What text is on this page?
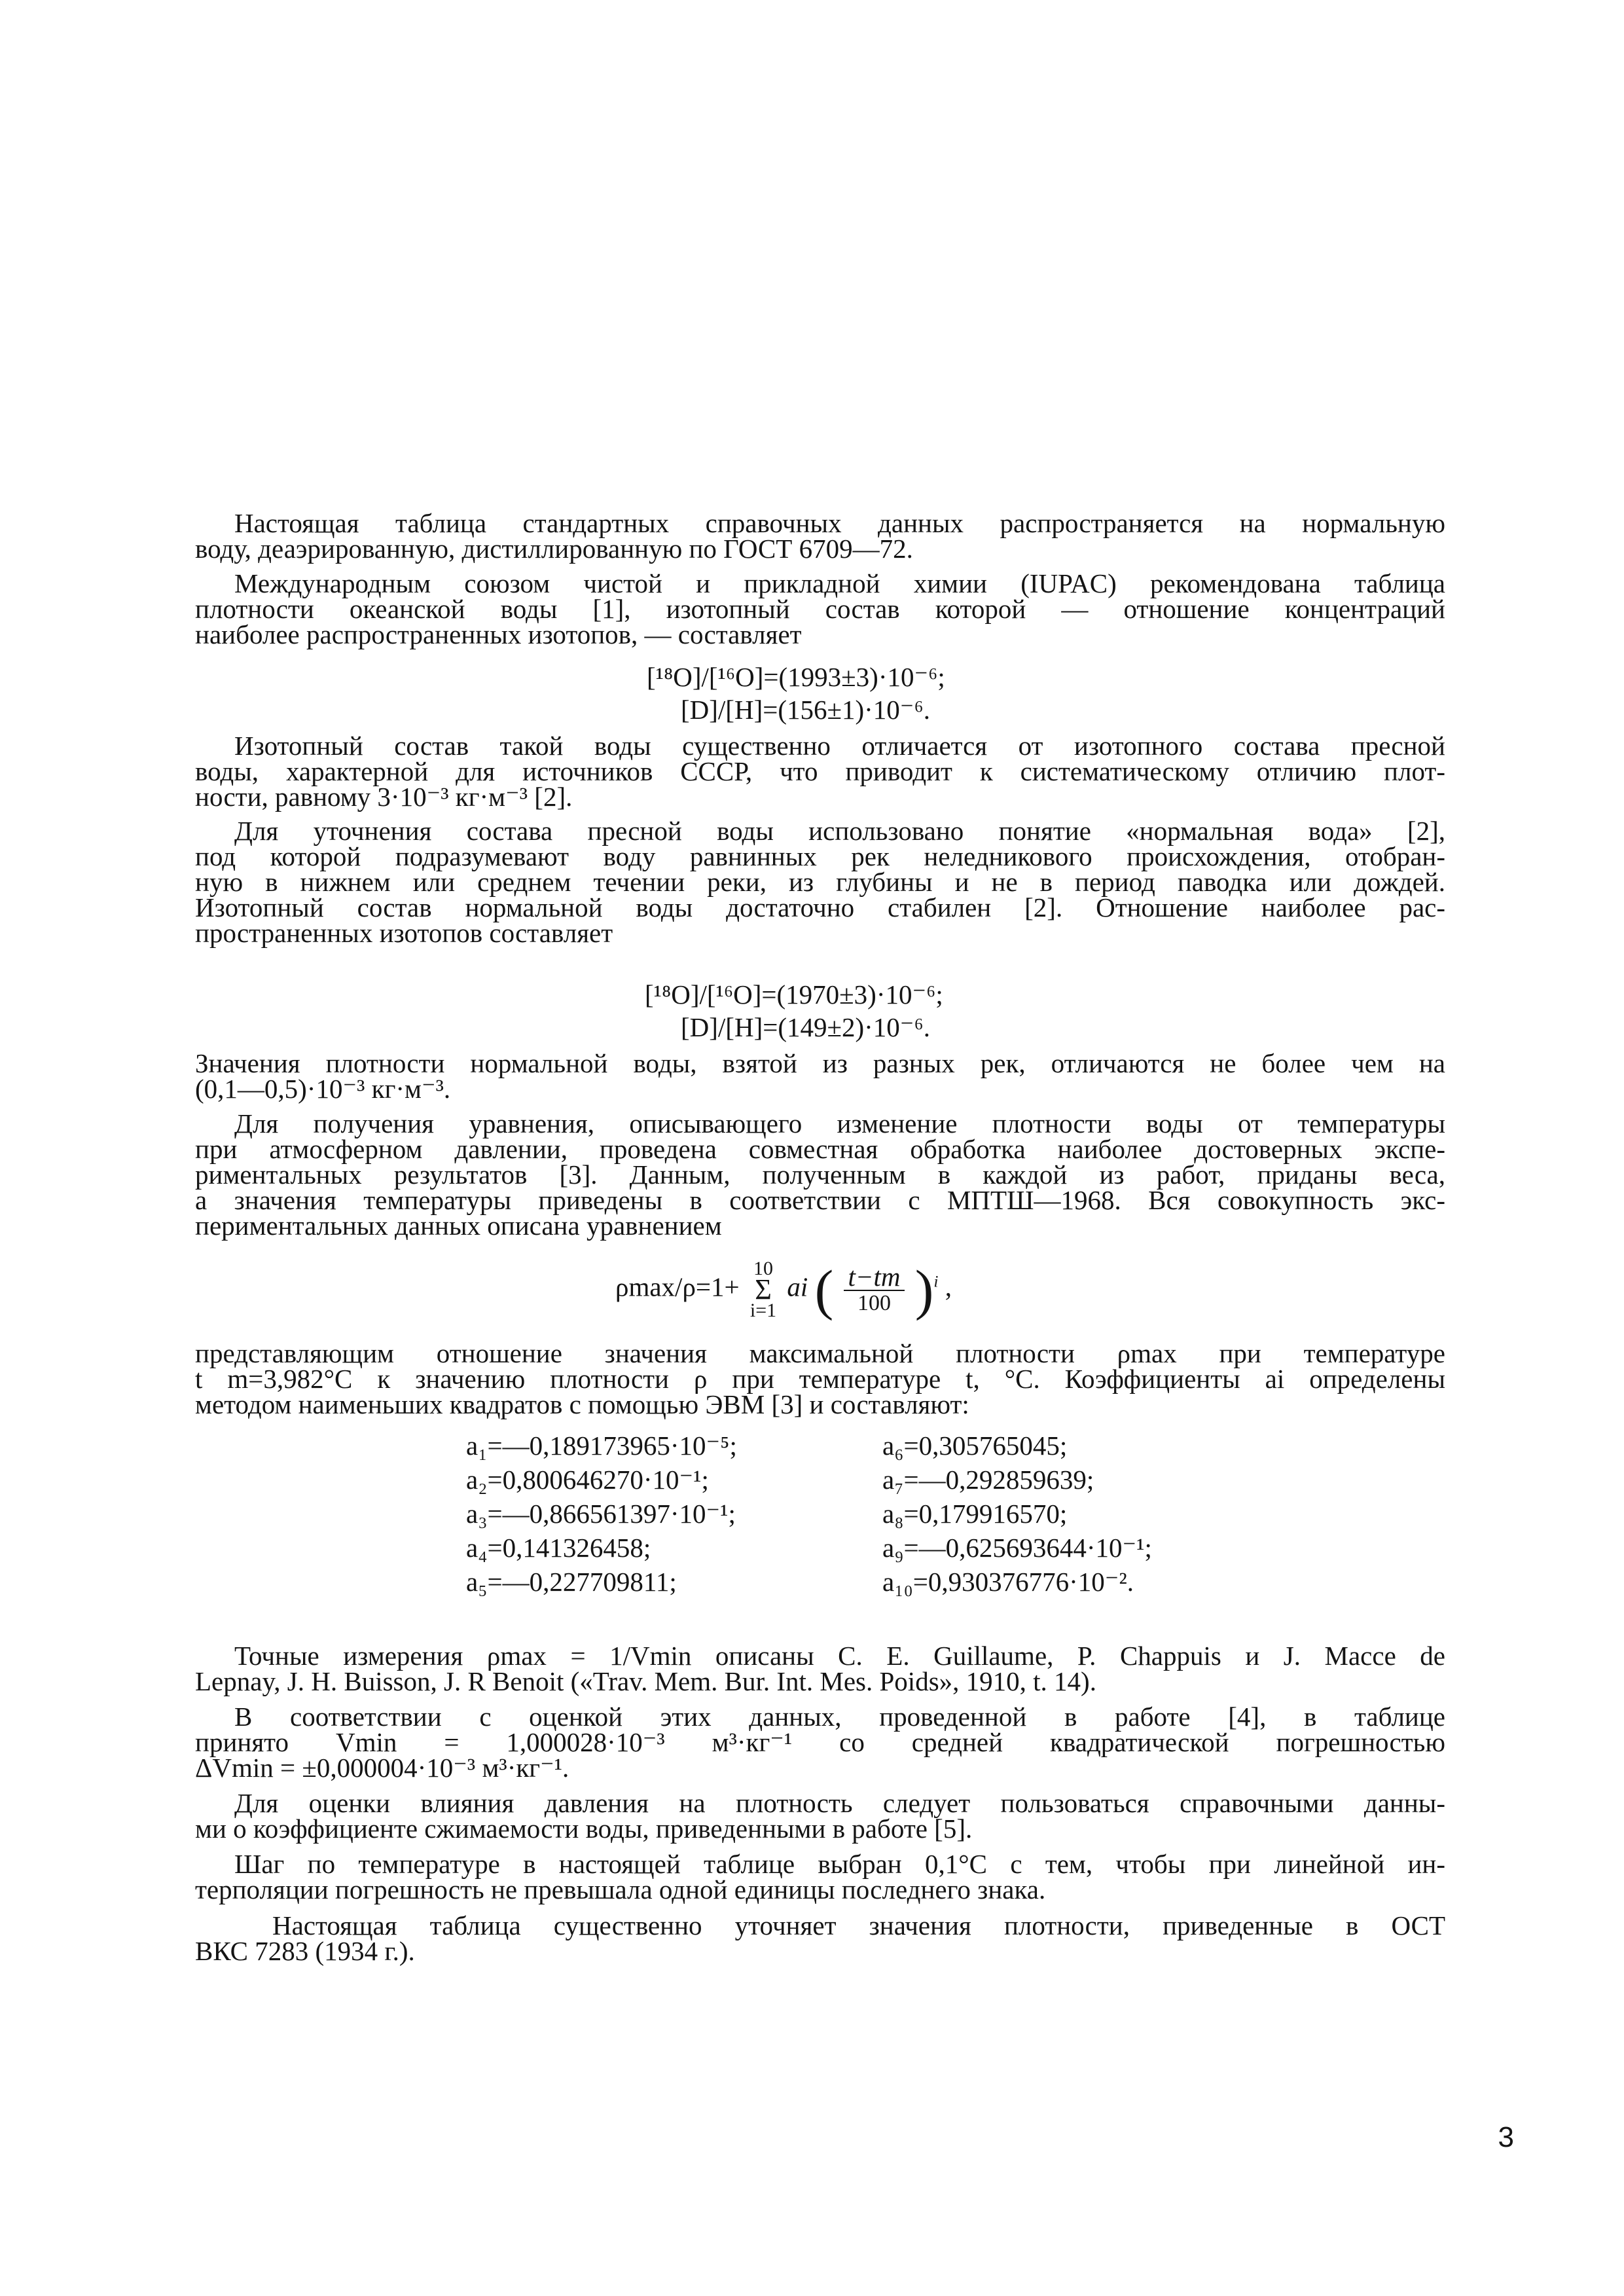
Настоящая таблица стандартных справочных данных распространяется на нормальную
воду, деаэрированную, дистиллированную по ГОСТ 6709—72.
Международным союзом чистой и прикладной химии (IUPAC) рекомендована таблица
плотности океанской воды [1], изотопный состав которой — отношение концентраций
наиболее распространенных изотопов, — составляет
[¹⁸O]/[¹⁶O]=(1993±3)·10⁻⁶;
[D]/[H]=(156±1)·10⁻⁶.
Изотопный состав такой воды существенно отличается от изотопного состава пресной
воды, характерной для источников СССР, что приводит к систематическому отличию плот-
ности, равному 3·10⁻³ кг·м⁻³ [2].
Для уточнения состава пресной воды использовано понятие «нормальная вода» [2],
под которой подразумевают воду равнинных рек неледникового происхождения, отобран-
ную в нижнем или среднем течении реки, из глубины и не в период паводка или дождей.
Изотопный состав нормальной воды достаточно стабилен [2]. Отношение наиболее рас-
пространенных изотопов составляет
[¹⁸O]/[¹⁶O]=(1970±3)·10⁻⁶;
[D]/[H]=(149±2)·10⁻⁶.
Значения плотности нормальной воды, взятой из разных рек, отличаются не более чем на
(0,1—0,5)·10⁻³ кг·м⁻³.
Для получения уравнения, описывающего изменение плотности воды от температуры
при атмосферном давлении, проведена совместная обработка наиболее достоверных экспе-
риментальных результатов [3]. Данным, полученным в каждой из работ, приданы веса,
а значения температуры приведены в соответствии с МПТШ—1968. Вся совокупность экс-
периментальных данных описана уравнением
ρmax/ρ=1+ 10
Σ
i=1 ai ( $\frac{t-tm}{100} )^i$ ,
представляющим отношение значения максимальной плотности ρmax при температуре
t m=3,982°C к значению плотности ρ при температуре t, °C. Коэффициенты ai определены
методом наименьших квадратов с помощью ЭВМ [3] и составляют:
a₁=—0,189173965·10⁻⁵;
a₂=0,800646270·10⁻¹;
a₃=—0,866561397·10⁻¹;
a₄=0,141326458;
a₅=—0,227709811;
a₆=0,305765045;
a₇=—0,292859639;
a₈=0,179916570;
a₉=—0,625693644·10⁻¹;
a₁₀=0,930376776·10⁻².
Точные измерения ρmax = 1/Vmin описаны C. E. Guillaume, P. Chappuis и J. Macce de
Lepnay, J. H. Buisson, J. R Benoit («Trav. Mem. Bur. Int. Mes. Poids», 1910, t. 14).
В соответствии с оценкой этих данных, проведенной в работе [4], в таблице
принято Vmin = 1,000028·10⁻³ м³·кг⁻¹ со средней квадратической погрешностью
ΔVmin = ±0,000004·10⁻³ м³·кг⁻¹.
Для оценки влияния давления на плотность следует пользоваться справочными данны-
ми о коэффициенте сжимаемости воды, приведенными в работе [5].
Шаг по температуре в настоящей таблице выбран 0,1°C с тем, чтобы при линейной ин-
терполяции погрешность не превышала одной единицы последнего знака.
Настоящая таблица существенно уточняет значения плотности, приведенные в ОСТ
ВКС 7283 (1934 г.).
3
